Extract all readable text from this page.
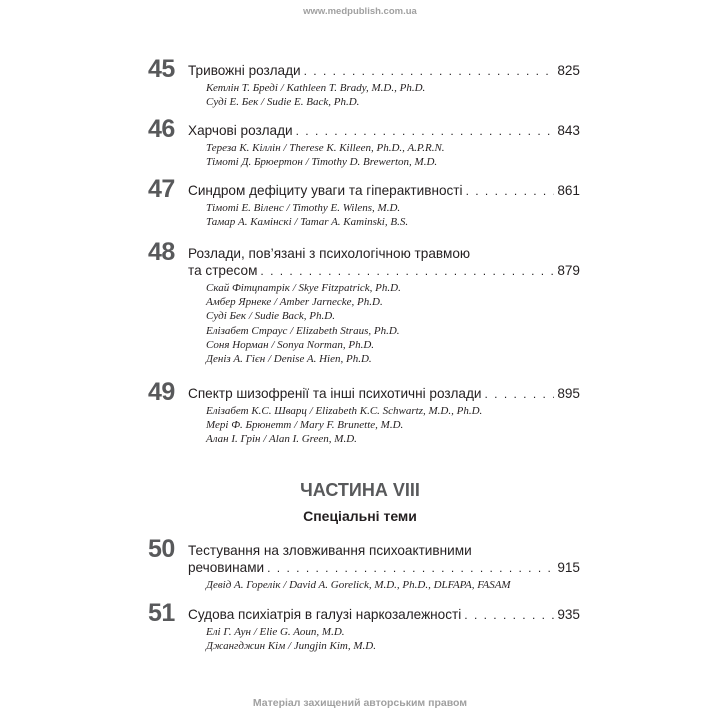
www.medpublish.com.ua
45 Тривожні розлади . . .	825
Кетлін Т. Бреді / Kathleen T. Brady, M.D., Ph.D.
Суді Е. Бек / Sudie E. Back, Ph.D.
46 Харчові розлади . . .	843
Тереза К. Кіллін / Therese K. Killeen, Ph.D., A.P.R.N.
Тімоті Д. Брюертон / Timothy D. Brewerton, M.D.
47 Синдром дефіциту уваги та гіперактивності . . .	861
Тімоті Е. Віленс / Timothy E. Wilens, M.D.
Тамар А. Камінскі / Tamar A. Kaminski, B.S.
48 Розлади, пов’язані з психологічною травмою
та стресом . . .	879
Скай Фітцпатрік / Skye Fitzpatrick, Ph.D.
Амбер Ярнеке / Amber Jarnecke, Ph.D.
Суді Бек / Sudie Back, Ph.D.
Елізабет Страус / Elizabeth Straus, Ph.D.
Соня Норман / Sonya Norman, Ph.D.
Деніз А. Гієн / Denise A. Hien, Ph.D.
49 Спектр шизофренії та інші психотичні розлади . . .	895
Елізабет К.С. Шварц / Elizabeth K.C. Schwartz, M.D., Ph.D.
Мері Ф. Брюнетт / Mary F. Brunette, M.D.
Алан І. Грін / Alan I. Green, M.D.
50 Тестування на зловживання психоактивними
речовинами . . .	915
Девід А. Горелік / David A. Gorelick, M.D., Ph.D., DLFAPA, FASAM
51 Судова психіатрія в галузі наркозалежності . . .	935
Елі Г. Аун / Elie G. Aoun, M.D.
Джангджин Кім / Jungjin Kim, M.D.
ЧАСТИНА VIII
Спеціальні теми
Матеріал захищений авторським правом
